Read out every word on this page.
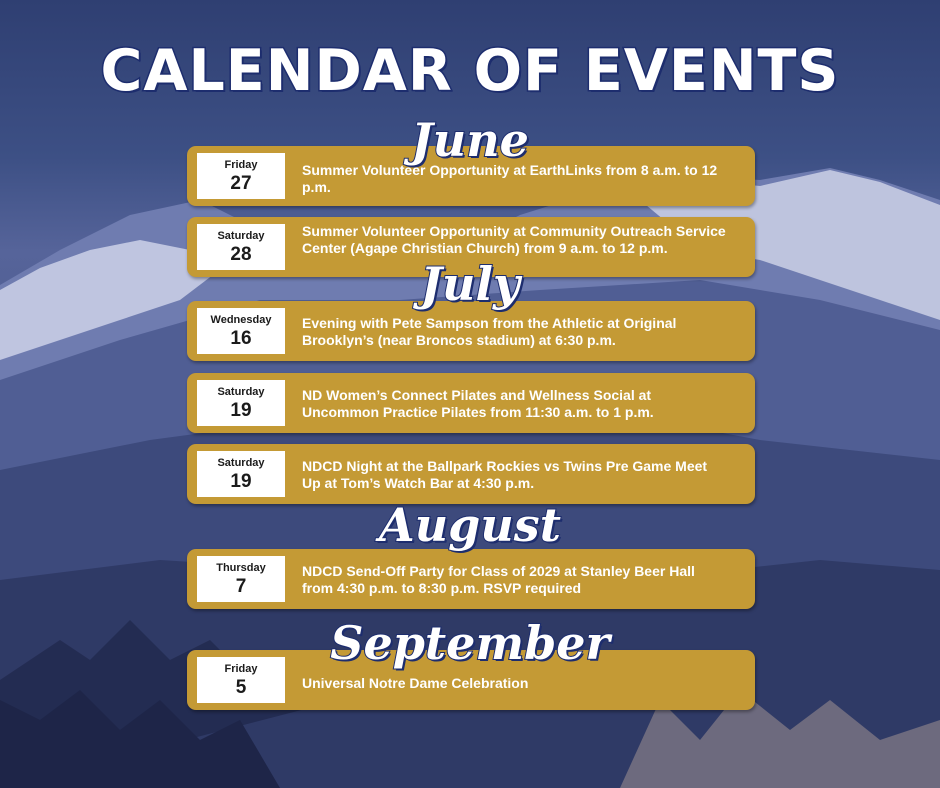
CALENDAR OF EVENTS
June
Friday
27
Summer Volunteer Opportunity at EarthLinks from 8 a.m. to 12 p.m.
Saturday
28
Summer Volunteer Opportunity at Community Outreach Service Center (Agape Christian Church) from 9 a.m. to 12 p.m.
July
Wednesday
16
Evening with Pete Sampson from the Athletic at Original Brooklyn’s (near Broncos stadium) at 6:30 p.m.
Saturday
19
ND Women’s Connect Pilates and Wellness Social at Uncommon Practice Pilates from 11:30 a.m. to 1 p.m.
Saturday
19
NDCD Night at the Ballpark Rockies vs Twins Pre Game Meet Up at Tom’s Watch Bar at 4:30 p.m.
August
Thursday
7
NDCD Send-Off Party for Class of 2029 at Stanley Beer Hall from 4:30 p.m. to 8:30 p.m. RSVP required
September
Friday
5	Universal Notre Dame Celebration
